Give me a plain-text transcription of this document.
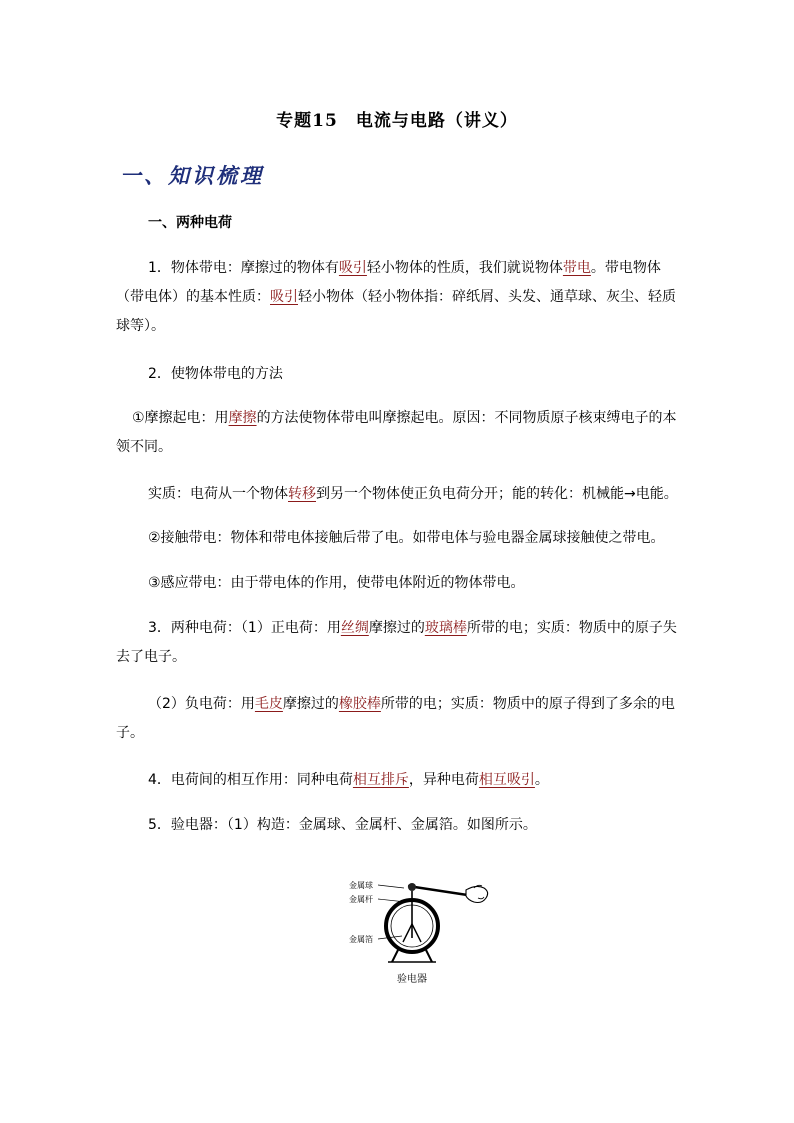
专题15　电流与电路（讲义）
一、知识梳理
一、两种电荷
1．物体带电：摩擦过的物体有吸引轻小物体的性质，我们就说物体带电。带电物体（带电体）的基本性质：吸引轻小物体（轻小物体指：碎纸屑、头发、通草球、灰尘、轻质球等）。
2．使物体带电的方法
①摩擦起电：用摩擦的方法使物体带电叫摩擦起电。原因：不同物质原子核束缚电子的本领不同。
实质：电荷从一个物体转移到另一个物体使正负电荷分开；能的转化：机械能→电能。
②接触带电：物体和带电体接触后带了电。如带电体与验电器金属球接触使之带电。
③感应带电：由于带电体的作用，使带电体附近的物体带电。
3．两种电荷：（1）正电荷：用丝绸摩擦过的玻璃棒所带的电；实质：物质中的原子失去了电子。
（2）负电荷：用毛皮摩擦过的橡胶棒所带的电；实质：物质中的原子得到了多余的电子。
4．电荷间的相互作用：同种电荷相互排斥，异种电荷相互吸引。
5．验电器：（1）构造：金属球、金属杆、金属箔。如图所示。
金属球
金属杆
金属箔
验电器
